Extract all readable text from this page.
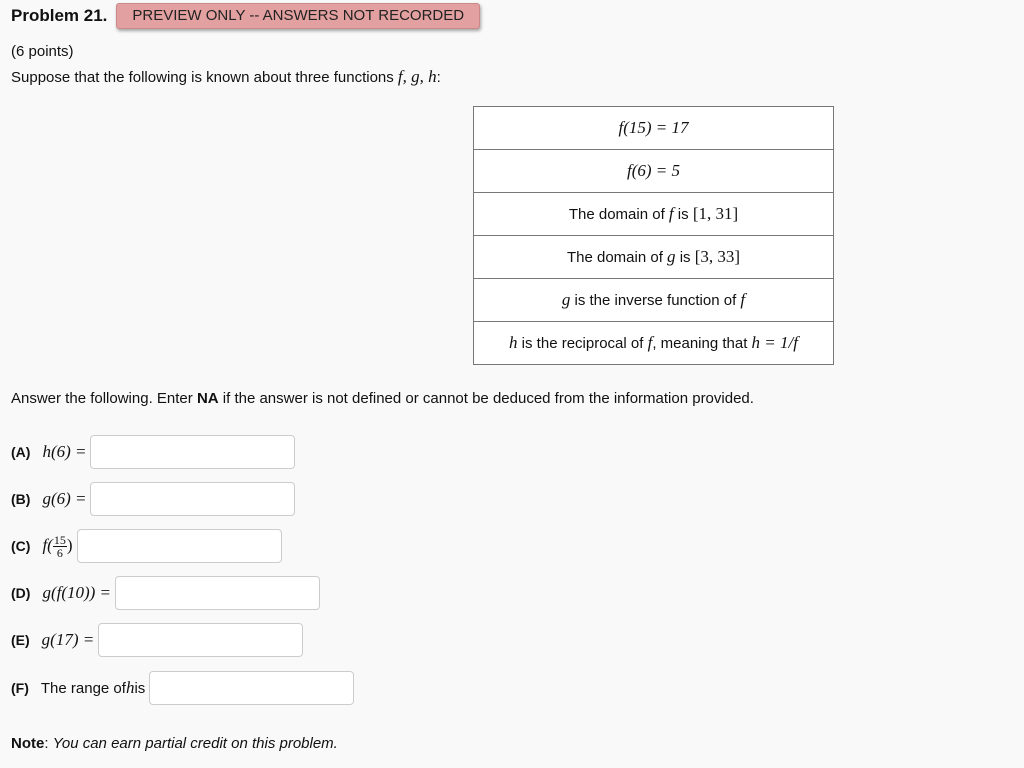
Problem 21.	PREVIEW ONLY -- ANSWERS NOT RECORDED
(6 points)
Suppose that the following is known about three functions f, g, h:
f(15) = 17
f(6) = 5
The domain of f is [1, 31]
The domain of g is [3, 33]
g is the inverse function of f
h is the reciprocal of f, meaning that h = 1/f
Answer the following. Enter NA if the answer is not defined or cannot be deduced from the information provided.
(A) h(6) =
(B) g(6) =
(C) $f( \frac{15}{6}$ )
(D) g(f(10)) =
(E) g(17) =
(F) The range of h is
Note: You can earn partial credit on this problem.
